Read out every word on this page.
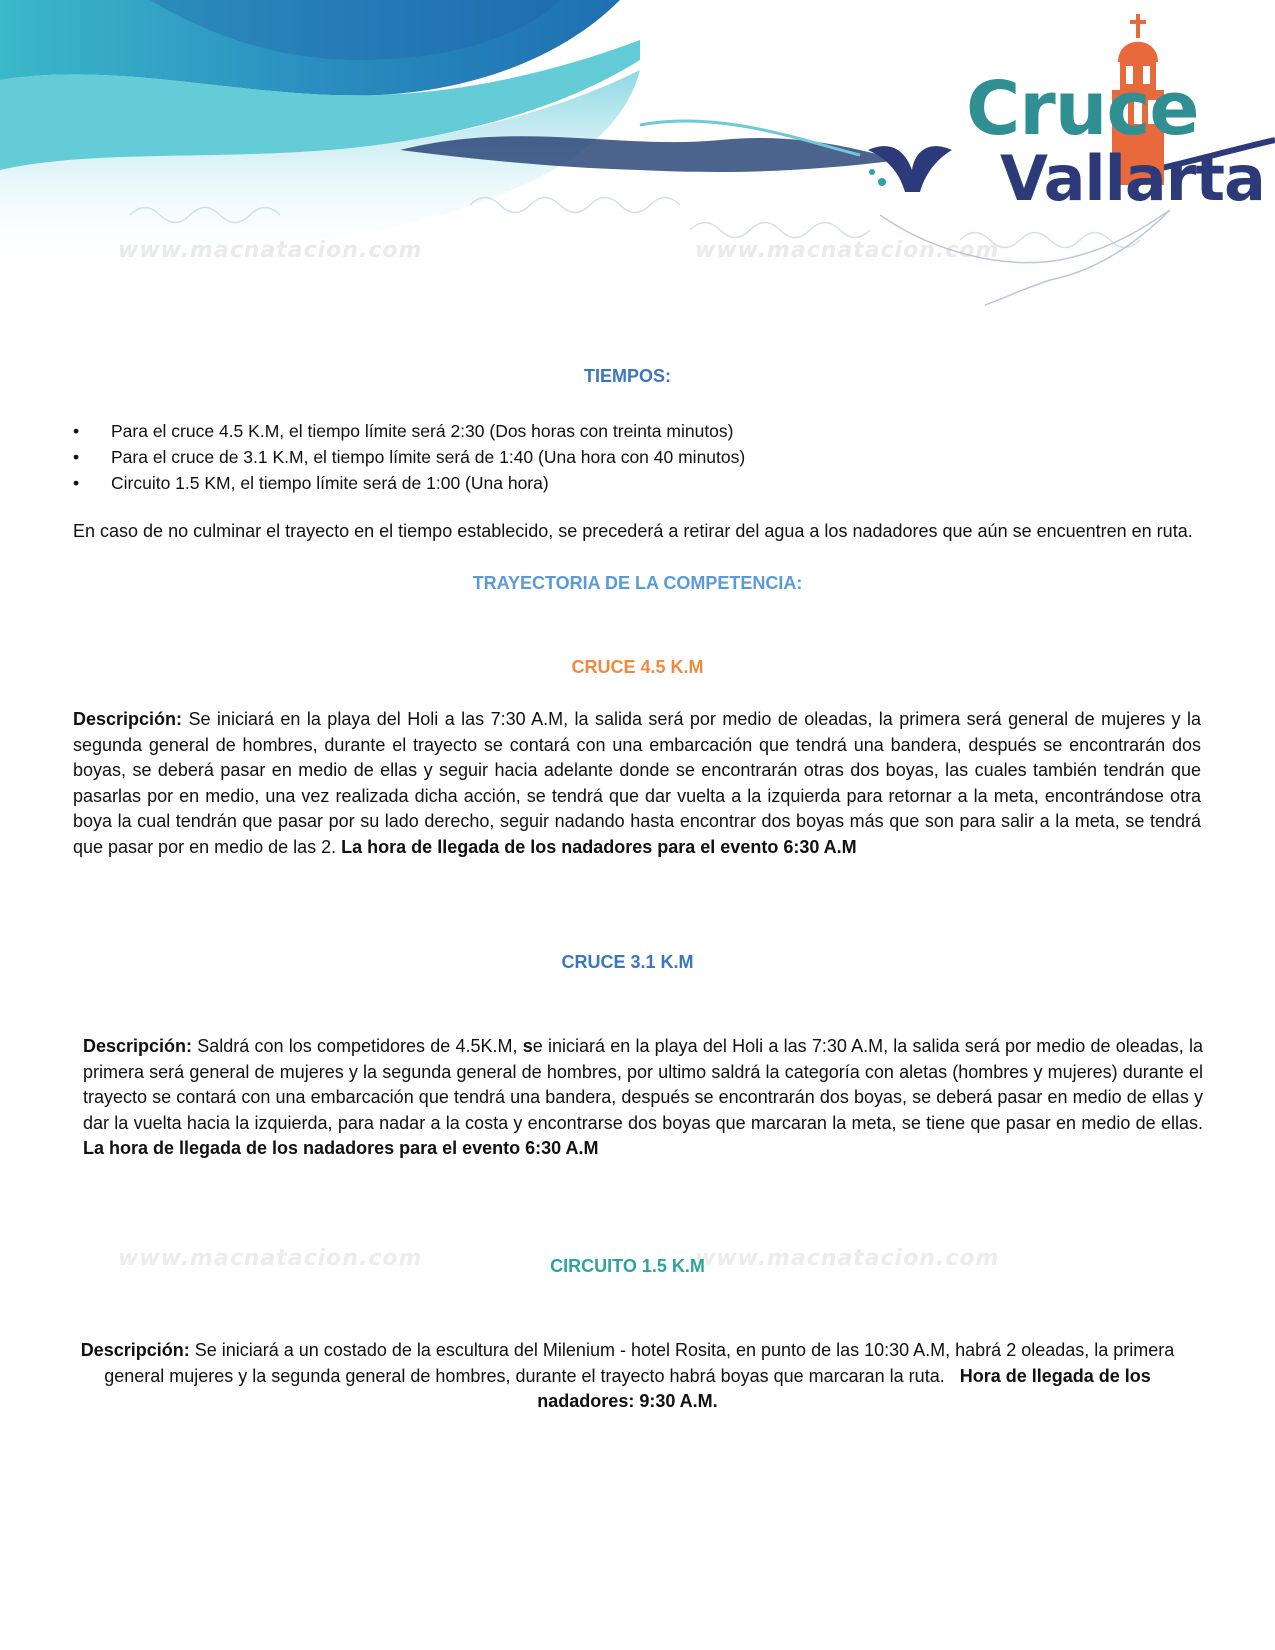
Cruce
Vallarta
www.macnatacion.com	www.macnatacion.com
www.macnatacion.com	www.macnatacion.com
TIEMPOS:
• Para el cruce 4.5 K.M, el tiempo límite será 2:30 (Dos horas con treinta minutos)
• Para el cruce de 3.1 K.M, el tiempo límite será de 1:40 (Una hora con 40 minutos)
• Circuito 1.5 KM, el tiempo límite será de 1:00 (Una hora)
En caso de no culminar el trayecto en el tiempo establecido, se precederá a retirar del agua a los nadadores que aún se encuentren en ruta.
TRAYECTORIA DE LA COMPETENCIA:
CRUCE 4.5 K.M
Descripción: Se iniciará en la playa del Holi a las 7:30 A.M, la salida será por medio de oleadas, la primera será general de mujeres y la segunda general de hombres, durante el trayecto se contará con una embarcación que tendrá una bandera, después se encontrarán dos boyas, se deberá pasar en medio de ellas y seguir hacia adelante donde se encontrarán otras dos boyas, las cuales también tendrán que pasarlas por en medio, una vez realizada dicha acción, se tendrá que dar vuelta a la izquierda para retornar a la meta, encontrándose otra boya la cual tendrán que pasar por su lado derecho, seguir nadando hasta encontrar dos boyas más que son para salir a la meta, se tendrá que pasar por en medio de las 2. La hora de llegada de los nadadores para el evento 6:30 A.M
CRUCE 3.1 K.M
Descripción: Saldrá con los competidores de 4.5K.M, se iniciará en la playa del Holi a las 7:30 A.M, la salida será por medio de oleadas, la primera será general de mujeres y la segunda general de hombres, por ultimo saldrá la categoría con aletas (hombres y mujeres) durante el trayecto se contará con una embarcación que tendrá una bandera, después se encontrarán dos boyas, se deberá pasar en medio de ellas y dar la vuelta hacia la izquierda, para nadar a la costa y encontrarse dos boyas que marcaran la meta, se tiene que pasar en medio de ellas. La hora de llegada de los nadadores para el evento 6:30 A.M
CIRCUITO 1.5 K.M
Descripción: Se iniciará a un costado de la escultura del Milenium - hotel Rosita, en punto de las 10:30 A.M, habrá 2 oleadas, la primera general mujeres y la segunda general de hombres, durante el trayecto habrá boyas que marcaran la ruta.   Hora de llegada de los nadadores: 9:30 A.M.
